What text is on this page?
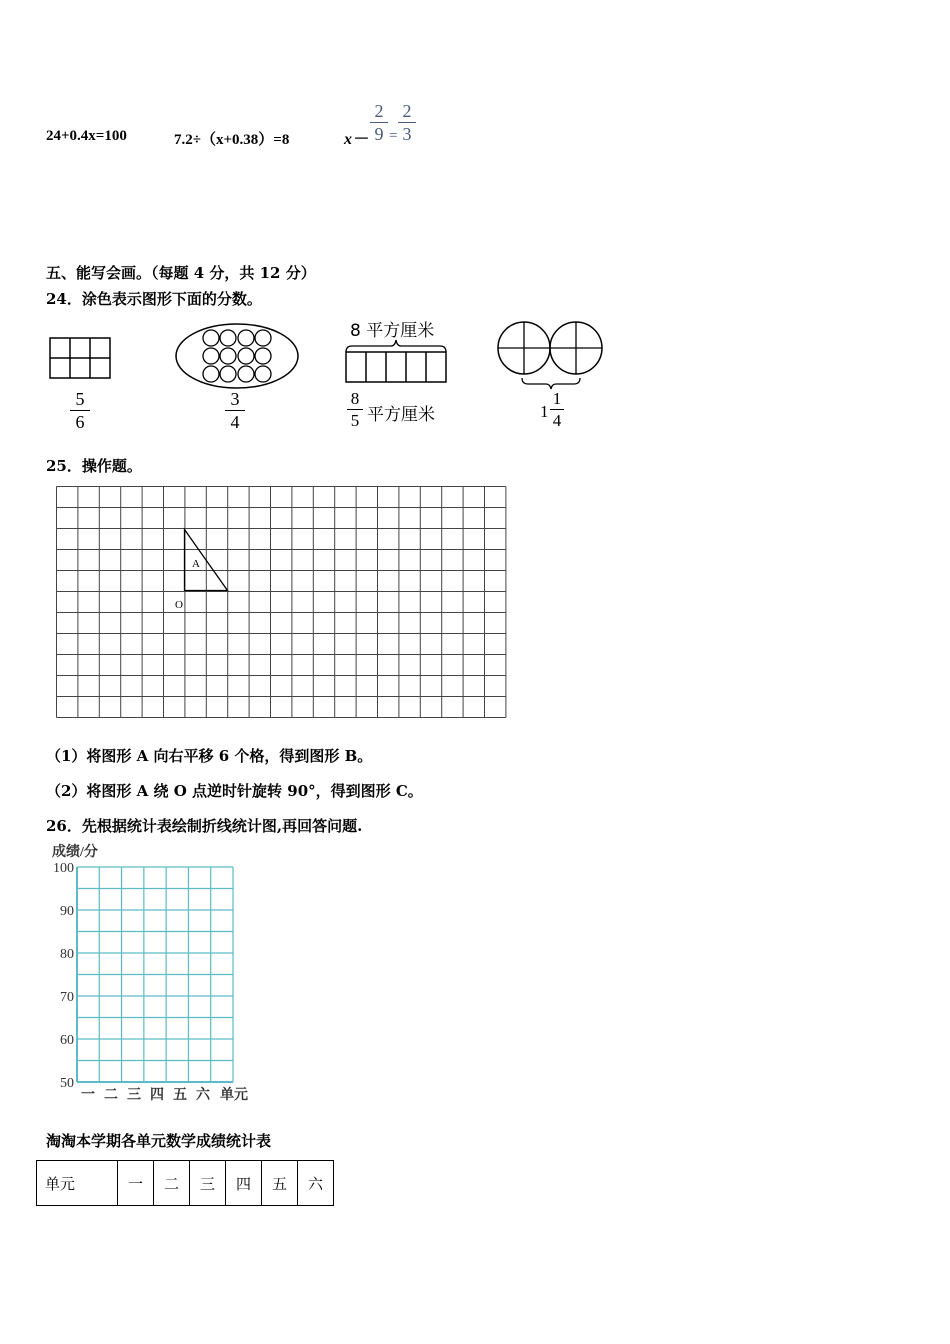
24+0.4x=100	7.2÷（x+0.38）=8	x－
2
9 =
2
3
五、能写会画。（每题 4 分，共 12 分）
24．涂色表示图形下面的分数。
5
6
3
4
8 平方厘米
8
5 平方厘米	1
1
4
25．操作题。
A
O
（1）将图形 A 向右平移 6 个格，得到图形 B。
（2）将图形 A 绕 O 点逆时针旋转 90°，得到图形 C。
26．先根据统计表绘制折线统计图,再回答问题.
成绩/分
100
90
80
70
60
50
一 二 三 四 五 六 单元
淘淘本学期各单元数学成绩统计表
单元	一	二	三	四	五	六
